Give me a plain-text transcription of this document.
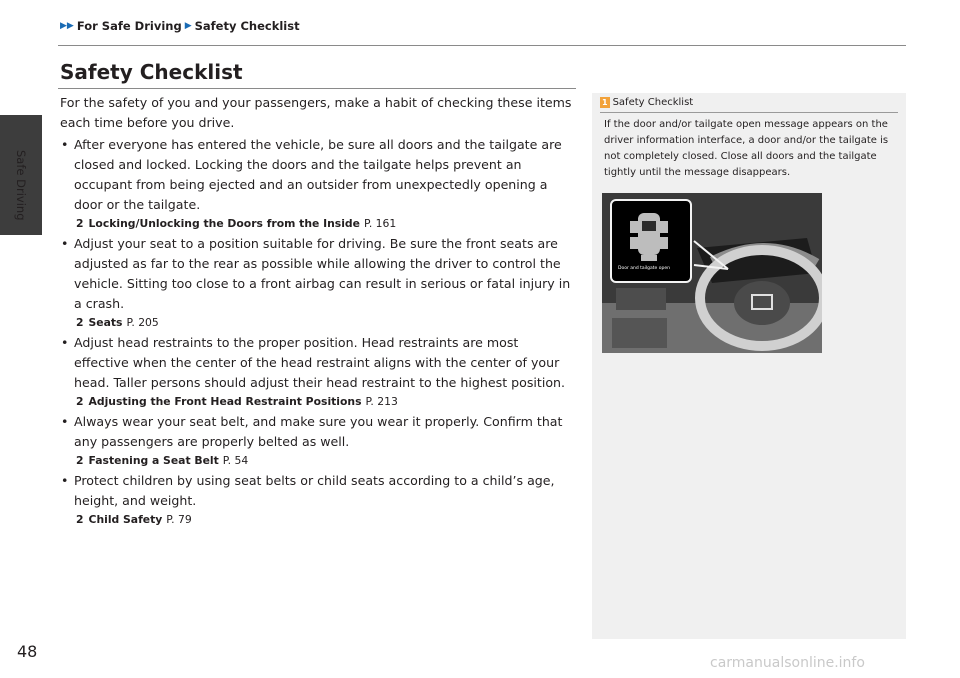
Safe Driving
▶▶ For Safe Driving ▶ Safety Checklist
Safety Checklist

For the safety of you and your passengers, make a habit of checking these items each time before you drive.

• After everyone has entered the vehicle, be sure all doors and the tailgate are closed and locked. Locking the doors and the tailgate helps prevent an occupant from being ejected and an outsider from unexpectedly opening a door or the tailgate.

2 Locking/Unlocking the Doors from the Inside P. 161
• Adjust your seat to a position suitable for driving. Be sure the front seats are adjusted as far to the rear as possible while allowing the driver to control the vehicle. Sitting too close to a front airbag can result in serious or fatal injury in a crash.

2 Seats P. 205
• Adjust head restraints to the proper position. Head restraints are most effective when the center of the head restraint aligns with the center of your head. Taller persons should adjust their head restraint to the highest position.

2 Adjusting the Front Head Restraint Positions P. 213
• Always wear your seat belt, and make sure you wear it properly. Confirm that any passengers are properly belted as well.

2 Fastening a Seat Belt P. 54
• Protect children by using seat belts or child seats according to a child’s age, height, and weight.

2 Child Safety P. 79
1 Safety Checklist
If the door and/or tailgate open message appears on the driver information interface, a door and/or the tailgate is not completely closed. Close all doors and the tailgate tightly until the message disappears.
Door and tailgate open
48
carmanualsonline.info
